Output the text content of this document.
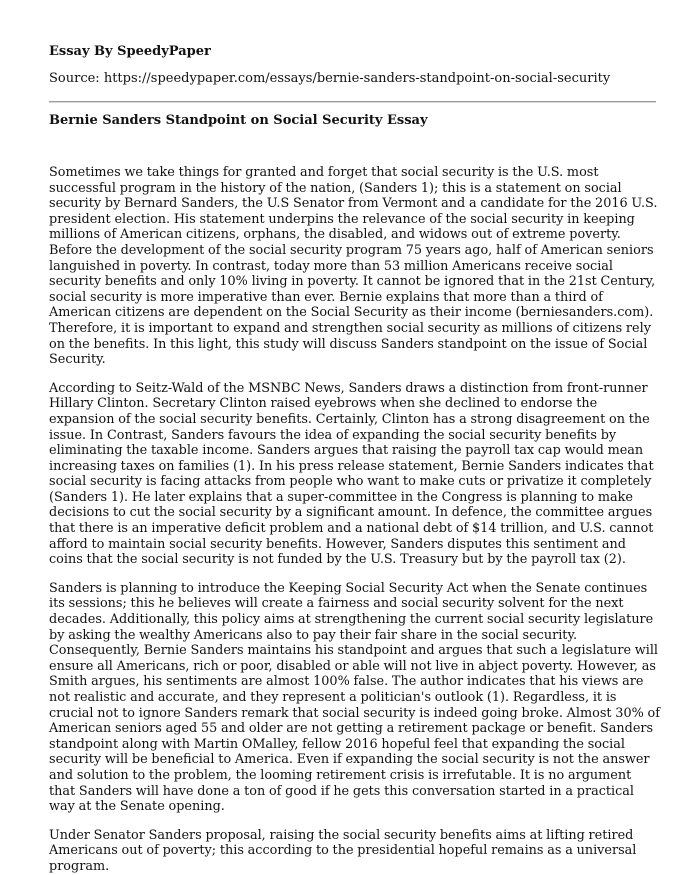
Essay By SpeedyPaper
Source: https://speedypaper.com/essays/bernie-sanders-standpoint-on-social-security
Bernie Sanders Standpoint on Social Security Essay

Sometimes we take things for granted and forget that social security is the U.S. most successful program in the history of the nation, (Sanders 1); this is a statement on social security by Bernard Sanders, the U.S Senator from Vermont and a candidate for the 2016 U.S. president election. His statement underpins the relevance of the social security in keeping millions of American citizens, orphans, the disabled, and widows out of extreme poverty. Before the development of the social security program 75 years ago, half of American seniors languished in poverty. In contrast, today more than 53 million Americans receive social security benefits and only 10% living in poverty. It cannot be ignored that in the 21st Century, social security is more imperative than ever. Bernie explains that more than a third of American citizens are dependent on the Social Security as their income (berniesanders.com). Therefore, it is important to expand and strengthen social security as millions of citizens rely on the benefits. In this light, this study will discuss Sanders standpoint on the issue of Social Security.

According to Seitz-Wald of the MSNBC News, Sanders draws a distinction from front-runner Hillary Clinton. Secretary Clinton raised eyebrows when she declined to endorse the expansion of the social security benefits. Certainly, Clinton has a strong disagreement on the issue. In Contrast, Sanders favours the idea of expanding the social security benefits by eliminating the taxable income. Sanders argues that raising the payroll tax cap would mean increasing taxes on families (1). In his press release statement, Bernie Sanders indicates that social security is facing attacks from people who want to make cuts or privatize it completely (Sanders 1). He later explains that a super-committee in the Congress is planning to make decisions to cut the social security by a significant amount. In defence, the committee argues that there is an imperative deficit problem and a national debt of $14 trillion, and U.S. cannot afford to maintain social security benefits. However, Sanders disputes this sentiment and coins that the social security is not funded by the U.S. Treasury but by the payroll tax (2).

Sanders is planning to introduce the Keeping Social Security Act when the Senate continues its sessions; this he believes will create a fairness and social security solvent for the next decades. Additionally, this policy aims at strengthening the current social security legislature by asking the wealthy Americans also to pay their fair share in the social security. Consequently, Bernie Sanders maintains his standpoint and argues that such a legislature will ensure all Americans, rich or poor, disabled or able will not live in abject poverty. However, as Smith argues, his sentiments are almost 100% false. The author indicates that his views are not realistic and accurate, and they represent a politician's outlook (1). Regardless, it is crucial not to ignore Sanders remark that social security is indeed going broke. Almost 30% of American seniors aged 55 and older are not getting a retirement package or benefit. Sanders standpoint along with Martin OMalley, fellow 2016 hopeful feel that expanding the social security will be beneficial to America. Even if expanding the social security is not the answer and solution to the problem, the looming retirement crisis is irrefutable. It is no argument that Sanders will have done a ton of good if he gets this conversation started in a practical way at the Senate opening.

Under Senator Sanders proposal, raising the social security benefits aims at lifting retired Americans out of poverty; this according to the presidential hopeful remains as a universal program.
